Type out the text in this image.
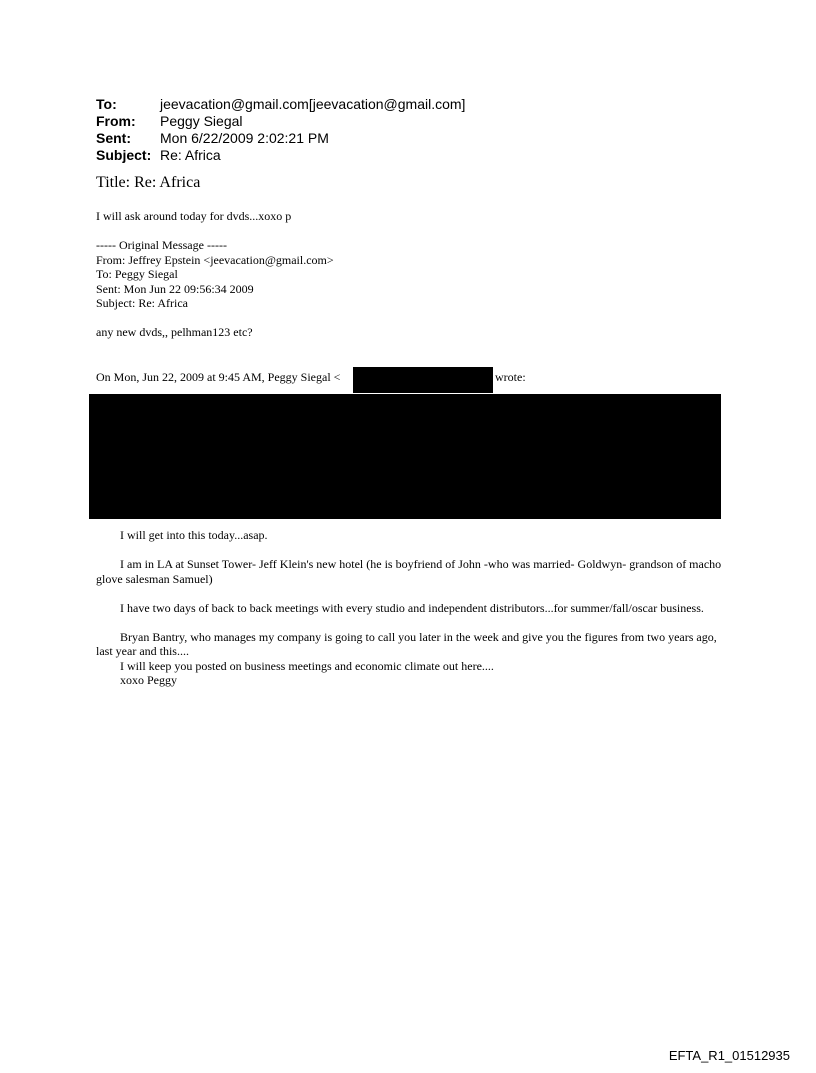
To:	jeevacation@gmail.com[jeevacation@gmail.com]
From:	Peggy Siegal
Sent:	Mon 6/22/2009 2:02:21 PM
Subject: Re: Africa
Title: Re: Africa
I will ask around today for dvds...xoxo p
----- Original Message -----
From: Jeffrey Epstein <jeevacation@gmail.com>
To: Peggy Siegal
Sent: Mon Jun 22 09:56:34 2009
Subject: Re: Africa
any new dvds,, pelhman123 etc?
On Mon, Jun 22, 2009 at 9:45 AM, Peggy Siegal <	wrote:

I will get into this today...asap.

I am in LA at Sunset Tower- Jeff Klein's new hotel (he is boyfriend of John -who was married- Goldwyn- grandson of macho glove salesman Samuel)

I have two days of back to back meetings with every studio and independent distributors...for summer/fall/oscar business.

Bryan Bantry, who manages my company is going to call you later in the week and give you the figures from two years ago, last year and this....

I will keep you posted on business meetings and economic climate out here....

xoxo Peggy

EFTA_R1_01512935
